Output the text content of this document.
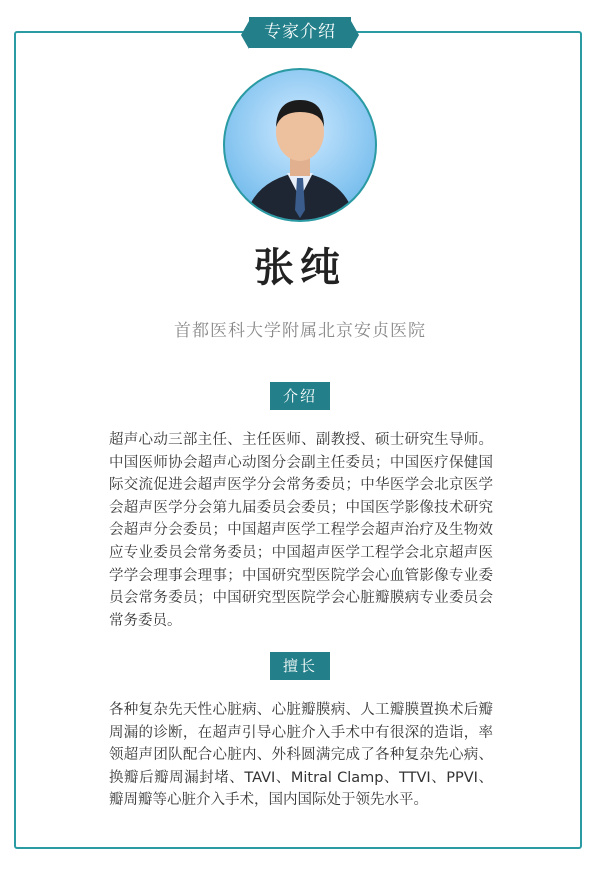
专家介绍
张纯
首都医科大学附属北京安贞医院
介绍
超声心动三部主任、主任医师、副教授、硕士研究生导师。中国医师协会超声心动图分会副主任委员；中国医疗保健国际交流促进会超声医学分会常务委员；中华医学会北京医学会超声医学分会第九届委员会委员；中国医学影像技术研究会超声分会委员；中国超声医学工程学会超声治疗及生物效应专业委员会常务委员；中国超声医学工程学会北京超声医学学会理事会理事；中国研究型医院学会心血管影像专业委员会常务委员；中国研究型医院学会心脏瓣膜病专业委员会常务委员。
擅长
各种复杂先天性心脏病、心脏瓣膜病、人工瓣膜置换术后瓣周漏的诊断，在超声引导心脏介入手术中有很深的造诣，率领超声团队配合心脏内、外科圆满完成了各种复杂先心病、换瓣后瓣周漏封堵、TAVI、Mitral Clamp、TTVI、PPVI、瓣周瓣等心脏介入手术，国内国际处于领先水平。
